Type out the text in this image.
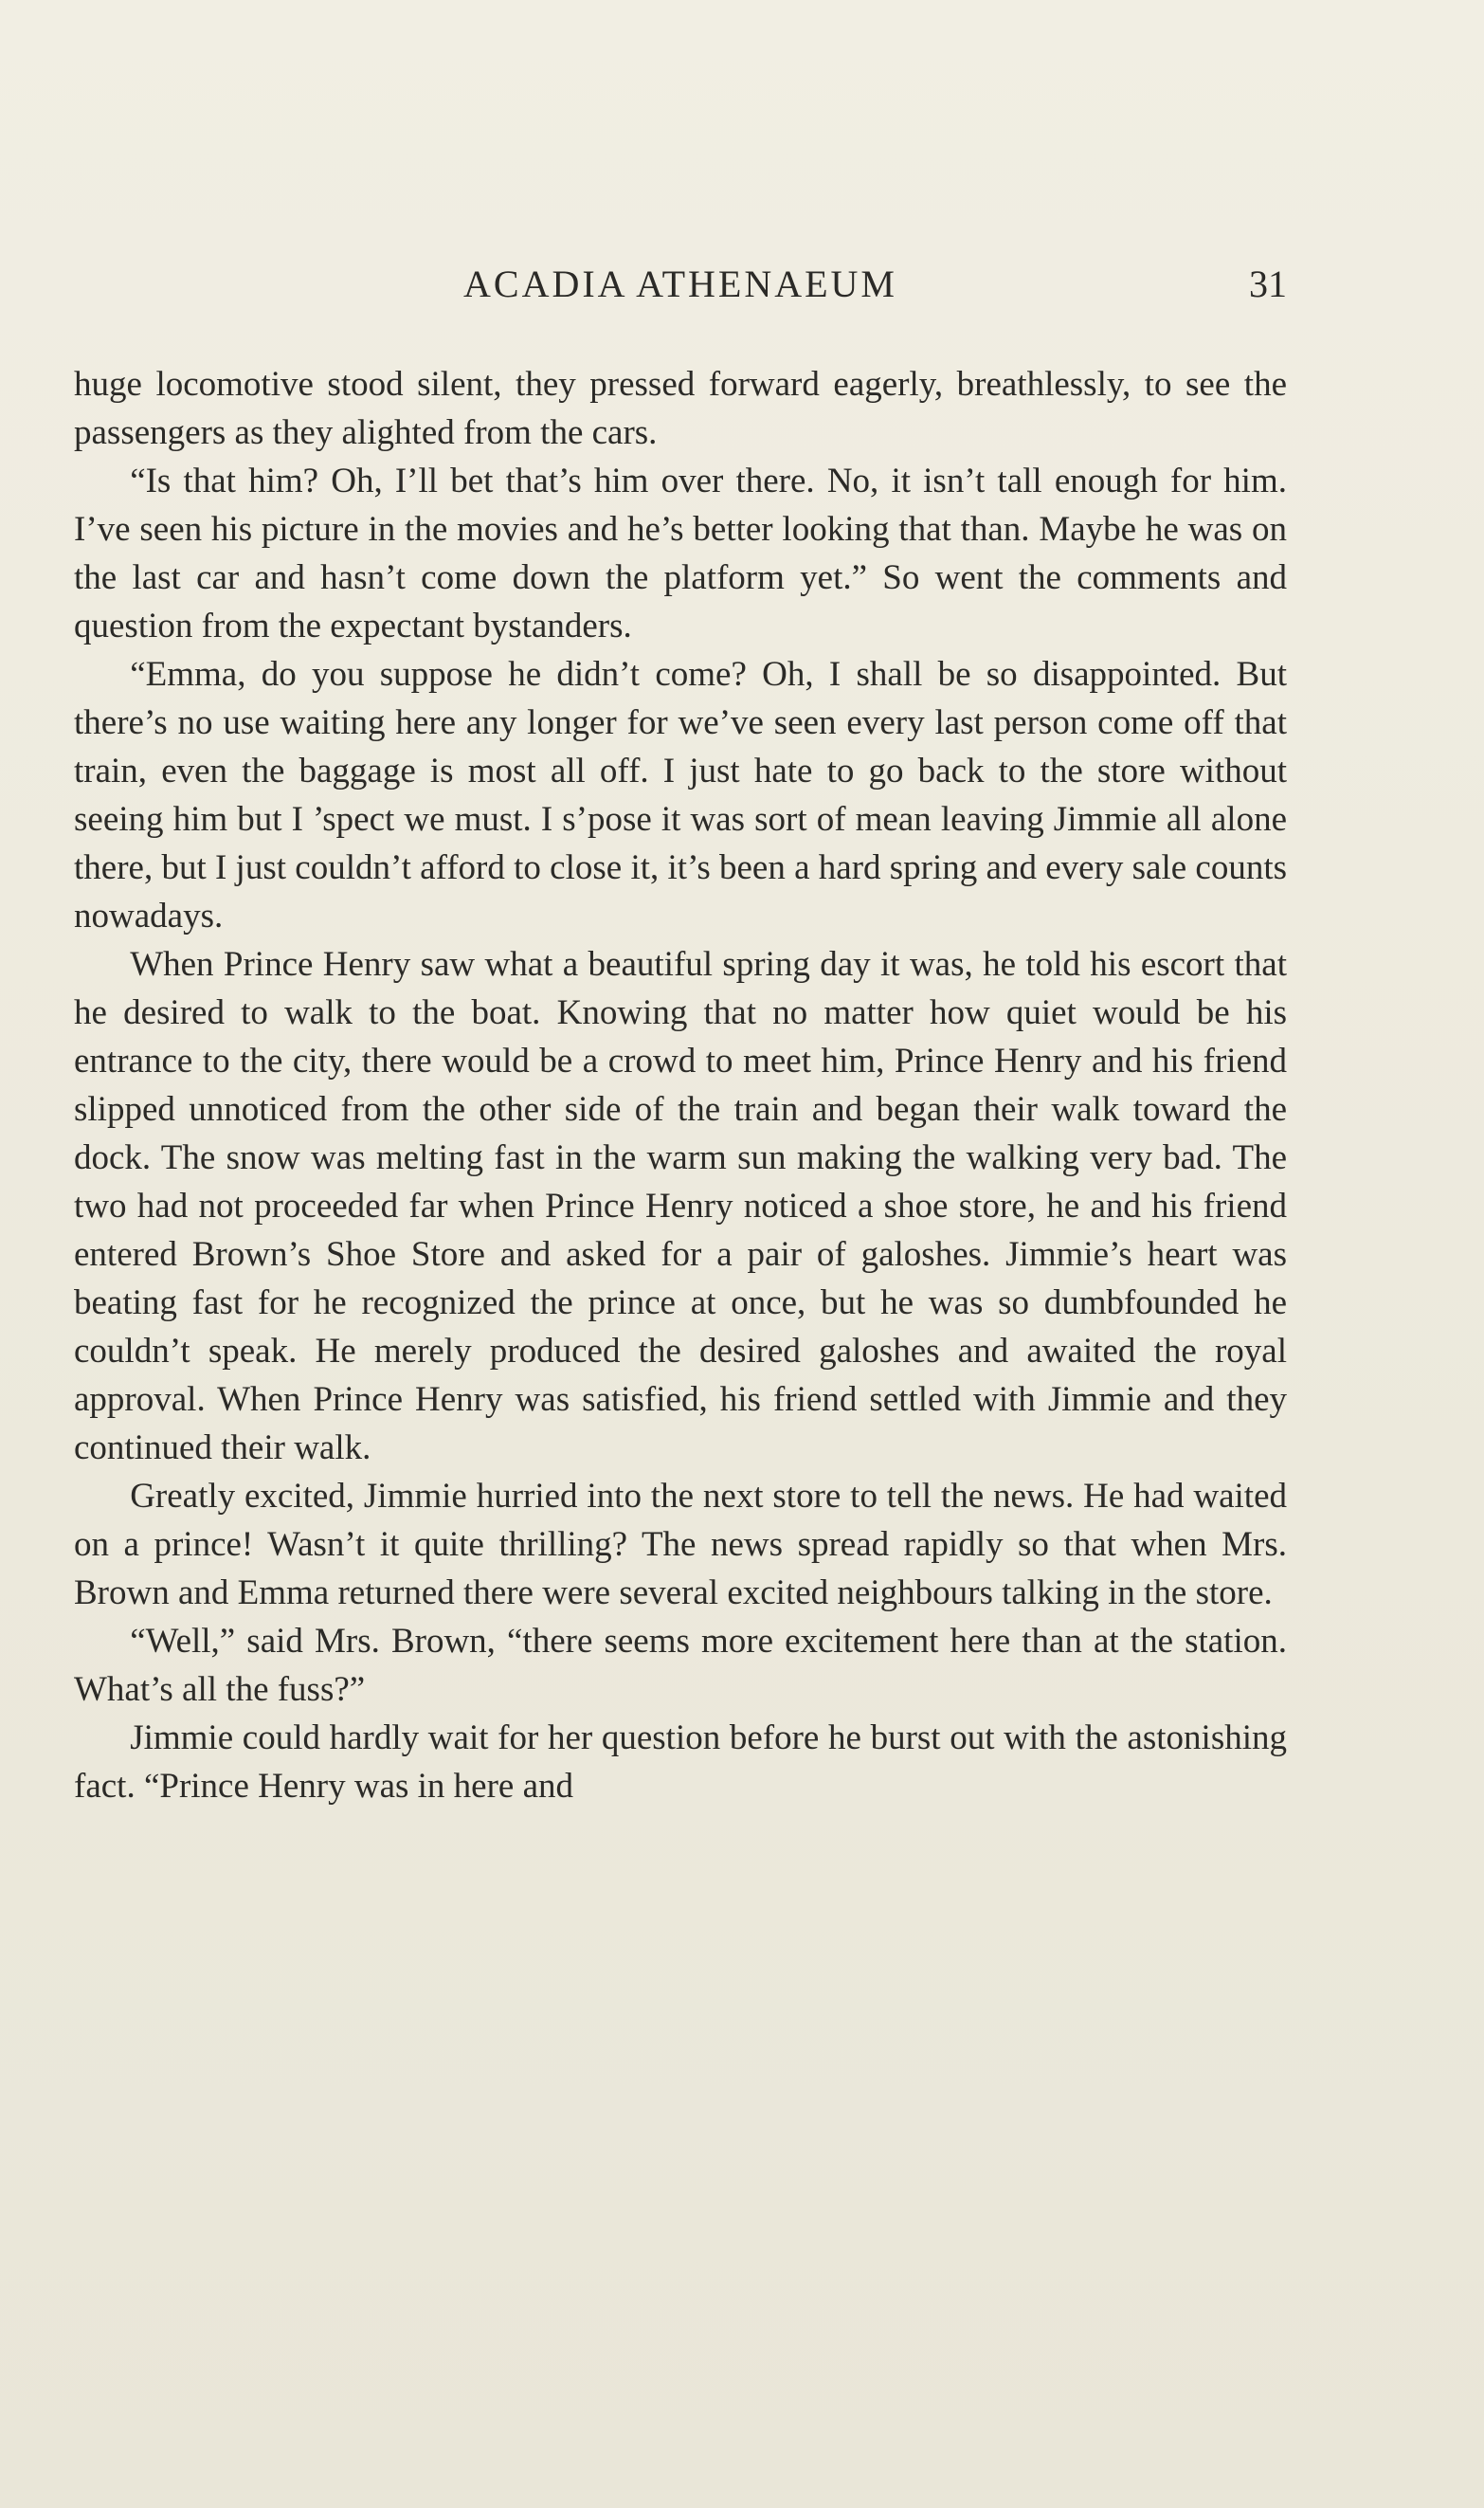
ACADIA ATHENAEUM	31

huge locomotive stood silent, they pressed forward eagerly, breathlessly, to see the passengers as they alighted from the cars.

“Is that him? Oh, I’ll bet that’s him over there. No, it isn’t tall enough for him. I’ve seen his picture in the movies and he’s better looking that than. Maybe he was on the last car and hasn’t come down the platform yet.” So went the comments and question from the expectant bystanders.

“Emma, do you suppose he didn’t come? Oh, I shall be so disappointed. But there’s no use waiting here any longer for we’ve seen every last person come off that train, even the baggage is most all off. I just hate to go back to the store without seeing him but I ’spect we must. I s’pose it was sort of mean leaving Jimmie all alone there, but I just couldn’t afford to close it, it’s been a hard spring and every sale counts nowadays.

When Prince Henry saw what a beautiful spring day it was, he told his escort that he desired to walk to the boat. Knowing that no matter how quiet would be his entrance to the city, there would be a crowd to meet him, Prince Henry and his friend slipped unnoticed from the other side of the train and began their walk toward the dock. The snow was melting fast in the warm sun making the walking very bad. The two had not proceeded far when Prince Henry noticed a shoe store, he and his friend entered Brown’s Shoe Store and asked for a pair of galoshes. Jimmie’s heart was beating fast for he recognized the prince at once, but he was so dumbfounded he couldn’t speak. He merely produced the desired galoshes and awaited the royal approval. When Prince Henry was satisfied, his friend settled with Jimmie and they continued their walk.

Greatly excited, Jimmie hurried into the next store to tell the news. He had waited on a prince! Wasn’t it quite thrilling? The news spread rapidly so that when Mrs. Brown and Emma returned there were several excited neighbours talking in the store.

“Well,” said Mrs. Brown, “there seems more excitement here than at the station. What’s all the fuss?”

Jimmie could hardly wait for her question before he burst out with the astonishing fact. “Prince Henry was in here and
